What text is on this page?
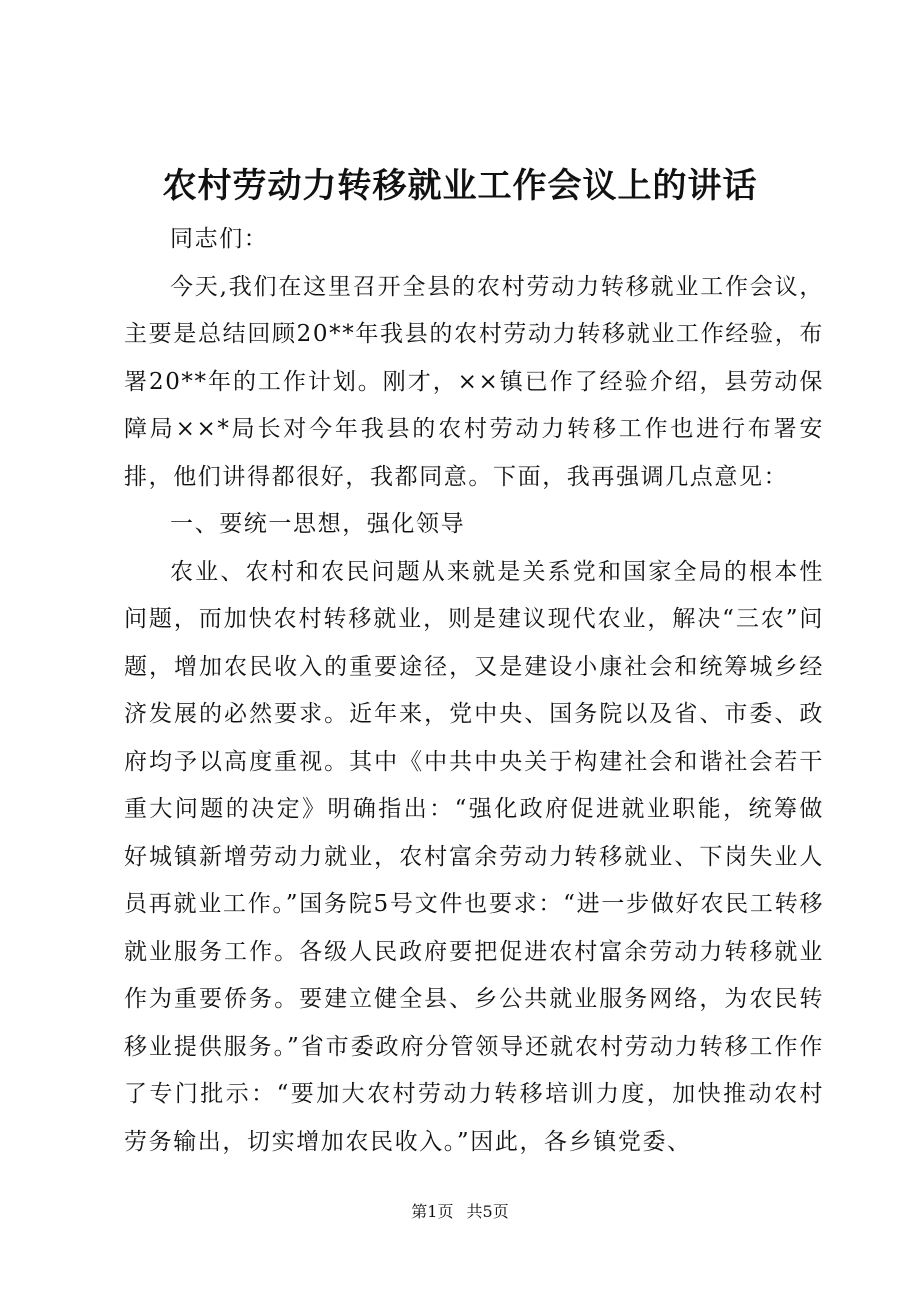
农村劳动力转移就业工作会议上的讲话

同志们：

今天,我们在这里召开全县的农村劳动力转移就业工作会议，主要是总结回顾20**年我县的农村劳动力转移就业工作经验，布署20**年的工作计划。刚才，××镇已作了经验介绍，县劳动保障局××*局长对今年我县的农村劳动力转移工作也进行布署安排，他们讲得都很好，我都同意。下面，我再强调几点意见：

一、要统一思想，强化领导

农业、农村和农民问题从来就是关系党和国家全局的根本性问题，而加快农村转移就业，则是建议现代农业，解决“三农”问题，增加农民收入的重要途径，又是建设小康社会和统筹城乡经济发展的必然要求。近年来，党中央、国务院以及省、市委、政府均予以高度重视。其中《中共中央关于构建社会和谐社会若干重大问题的决定》明确指出：“强化政府促进就业职能，统筹做好城镇新增劳动力就业，农村富余劳动力转移就业、下岗失业人员再就业工作。”国务院5号文件也要求：“进一步做好农民工转移就业服务工作。各级人民政府要把促进农村富余劳动力转移就业作为重要侨务。要建立健全县、乡公共就业服务网络，为农民转移业提供服务。”省市委政府分管领导还就农村劳动力转移工作作了专门批示：“要加大农村劳动力转移培训力度，加快推动农村劳务输出，切实增加农民收入。”因此，各乡镇党委、

第1页 共5页
